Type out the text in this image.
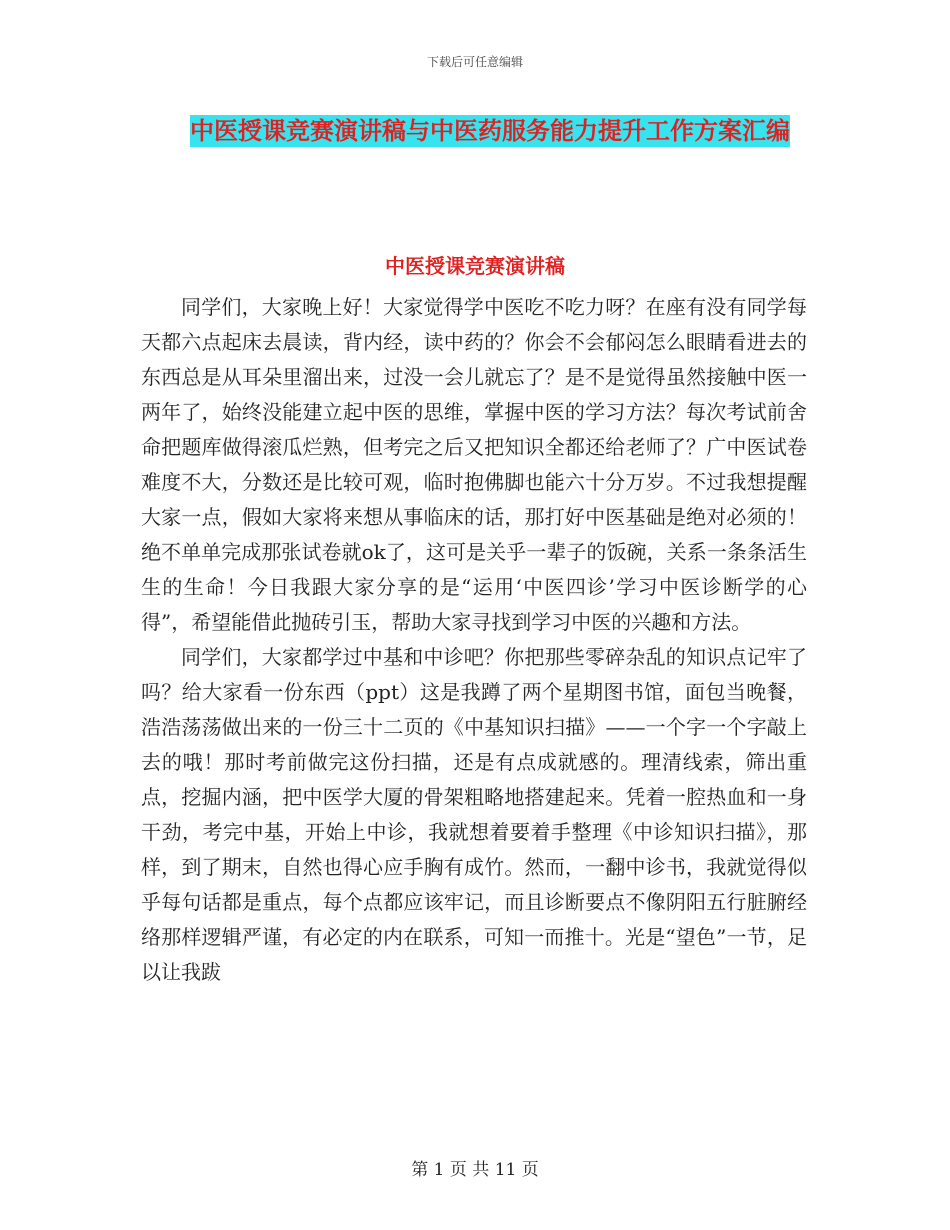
下载后可任意编辑
中医授课竞赛演讲稿与中医药服务能力提升工作方案汇编
中医授课竞赛演讲稿

同学们，大家晚上好！大家觉得学中医吃不吃力呀？在座有没有同学每天都六点起床去晨读，背内经，读中药的？你会不会郁闷怎么眼睛看进去的东西总是从耳朵里溜出来，过没一会儿就忘了？是不是觉得虽然接触中医一两年了，始终没能建立起中医的思维，掌握中医的学习方法？每次考试前舍命把题库做得滚瓜烂熟，但考完之后又把知识全都还给老师了？广中医试卷难度不大，分数还是比较可观，临时抱佛脚也能六十分万岁。不过我想提醒大家一点，假如大家将来想从事临床的话，那打好中医基础是绝对必须的！绝不单单完成那张试卷就ok了，这可是关乎一辈子的饭碗，关系一条条活生生的生命！今日我跟大家分享的是“运用‘中医四诊’学习中医诊断学的心得”，希望能借此抛砖引玉，帮助大家寻找到学习中医的兴趣和方法。

同学们，大家都学过中基和中诊吧？你把那些零碎杂乱的知识点记牢了吗？给大家看一份东西（ppt）这是我蹲了两个星期图书馆，面包当晚餐，浩浩荡荡做出来的一份三十二页的《中基知识扫描》——一个字一个字敲上去的哦！那时考前做完这份扫描，还是有点成就感的。理清线索，筛出重点，挖掘内涵，把中医学大厦的骨架粗略地搭建起来。凭着一腔热血和一身干劲，考完中基，开始上中诊，我就想着要着手整理《中诊知识扫描》，那样，到了期末，自然也得心应手胸有成竹。然而，一翻中诊书，我就觉得似乎每句话都是重点，每个点都应该牢记，而且诊断要点不像阴阳五行脏腑经络那样逻辑严谨，有必定的内在联系，可知一而推十。光是“望色”一节，足以让我跋

第 1 页 共 11 页
